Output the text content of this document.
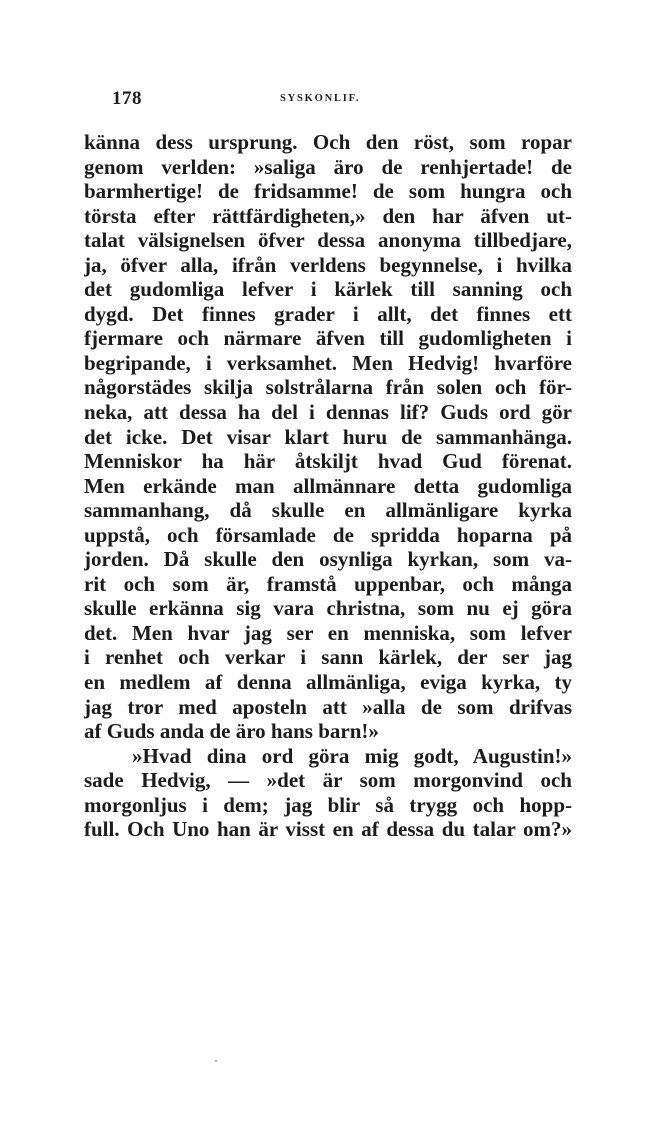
178	SYSKONLIF.
känna dess ursprung. Och den röst, som ropar
genom verlden: »saliga äro de renhjertade! de
barmhertige! de fridsamme! de som hungra och
törsta efter rättfärdigheten,» den har äfven ut-
talat välsignelsen öfver dessa anonyma tillbedjare,
ja, öfver alla, ifrån verldens begynnelse, i hvilka
det gudomliga lefver i kärlek till sanning och
dygd. Det finnes grader i allt, det finnes ett
fjermare och närmare äfven till gudomligheten i
begripande, i verksamhet. Men Hedvig! hvarföre
någorstädes skilja solstrålarna från solen och för-
neka, att dessa ha del i dennas lif? Guds ord gör
det icke. Det visar klart huru de sammanhänga.
Menniskor ha här åtskiljt hvad Gud förenat.
Men erkände man allmännare detta gudomliga
sammanhang, då skulle en allmänligare kyrka
uppstå, och församlade de spridda hoparna på
jorden. Då skulle den osynliga kyrkan, som va-
rit och som är, framstå uppenbar, och många
skulle erkänna sig vara christna, som nu ej göra
det. Men hvar jag ser en menniska, som lefver
i renhet och verkar i sann kärlek, der ser jag
en medlem af denna allmänliga, eviga kyrka, ty
jag tror med aposteln att »alla de som drifvas
af Guds anda de äro hans barn!»
»Hvad dina ord göra mig godt, Augustin!»
sade Hedvig, — »det är som morgonvind och
morgonljus i dem; jag blir så trygg och hopp-
full. Och Uno han är visst en af dessa du talar om?»
